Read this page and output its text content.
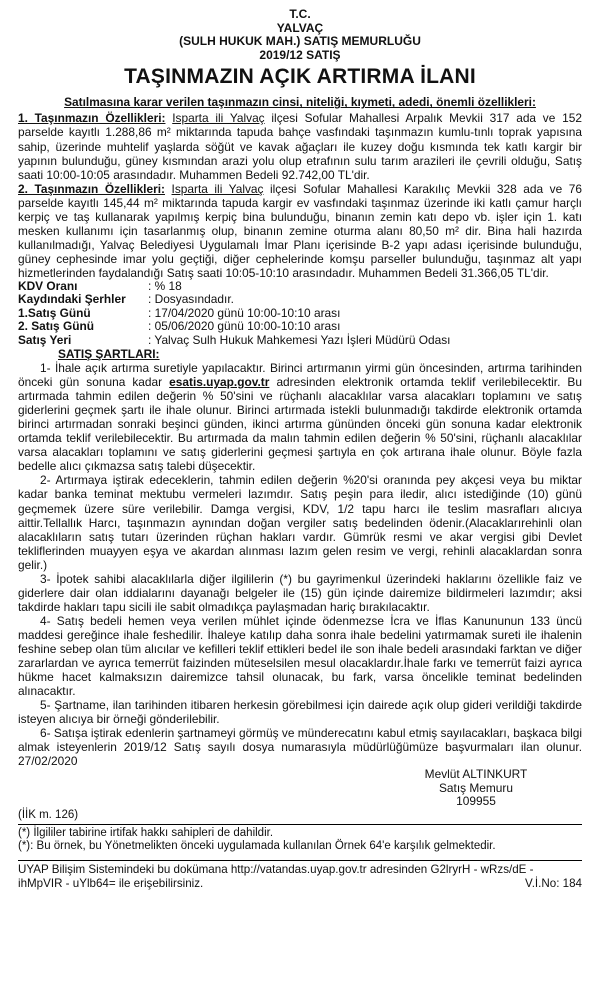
T.C.
YALVAÇ
(SULH HUKUK MAH.) SATIŞ MEMURLUĞU
2019/12 SATIŞ
TAŞINMAZIN AÇIK ARTIRMA İLANI
Satılmasına karar verilen taşınmazın cinsi, niteliği, kıymeti, adedi, önemli özellikleri:

1. Taşınmazın Özellikleri: Isparta ili Yalvaç ilçesi Sofular Mahallesi Arpalık Mevkii 317 ada ve 152 parselde kayıtlı 1.288,86 m² miktarında tapuda bahçe vasfındaki taşınmazın kumlu-tınlı toprak yapısına sahip, üzerinde muhtelif yaşlarda söğüt ve kavak ağaçları ile kuzey doğu kısmında tek katlı kargir bir yapının bulunduğu, güney kısmından arazi yolu olup etrafının sulu tarım arazileri ile çevrili olduğu, Satış saati 10:00-10:05 arasındadır. Muhammen Bedeli 92.742,00 TL'dir.

2. Taşınmazın Özellikleri: Isparta ili Yalvaç ilçesi Sofular Mahallesi Karakılıç Mevkii 328 ada ve 76 parselde kayıtlı 145,44 m² miktarında tapuda kargir ev vasfındaki taşınmaz üzerinde iki katlı çamur harçlı kerpiç ve taş kullanarak yapılmış kerpiç bina bulunduğu, binanın zemin katı depo vb. işler için 1. katı mesken kullanımı için tasarlanmış olup, binanın zemine oturma alanı 80,50 m² dir. Bina hali hazırda kullanılmadığı, Yalvaç Belediyesi Uygulamalı İmar Planı içerisinde B-2 yapı adası içerisinde bulunduğu, güney cephesinde imar yolu geçtiği, diğer cephelerinde komşu parseller bulunduğu, taşınmaz alt yapı hizmetlerinden faydalandığı Satış saati 10:05-10:10 arasındadır. Muhammen Bedeli 31.366,05 TL'dir.

KDV Oranı	: % 18
Kaydındaki Şerhler	: Dosyasındadır.
1.Satış Günü	: 17/04/2020 günü 10:00-10:10 arası
2. Satış Günü	: 05/06/2020 günü 10:00-10:10 arası
Satış Yeri	: Yalvaç Sulh Hukuk Mahkemesi Yazı İşleri Müdürü Odası
SATIŞ ŞARTLARI:

1- İhale açık artırma suretiyle yapılacaktır. Birinci artırmanın yirmi gün öncesinden, artırma tarihinden önceki gün sonuna kadar esatis.uyap.gov.tr adresinden elektronik ortamda teklif verilebilecektir. Bu artırmada tahmin edilen değerin % 50'sini ve rüçhanlı alacaklılar varsa alacakları toplamını ve satış giderlerini geçmek şartı ile ihale olunur. Birinci artırmada istekli bulunmadığı takdirde elektronik ortamda birinci artırmadan sonraki beşinci günden, ikinci artırma gününden önceki gün sonuna kadar elektronik ortamda teklif verilebilecektir. Bu artırmada da malın tahmin edilen değerin % 50'sini, rüçhanlı alacaklılar varsa alacakları toplamını ve satış giderlerini geçmesi şartıyla en çok artırana ihale olunur. Böyle fazla bedelle alıcı çıkmazsa satış talebi düşecektir.

2- Artırmaya iştirak edeceklerin, tahmin edilen değerin %20'si oranında pey akçesi veya bu miktar kadar banka teminat mektubu vermeleri lazımdır. Satış peşin para iledir, alıcı istediğinde (10) günü geçmemek üzere süre verilebilir. Damga vergisi, KDV, 1/2 tapu harcı ile teslim masrafları alıcıya aittir.Tellallık Harcı, taşınmazın aynından doğan vergiler satış bedelinden ödenir.(Alacaklarırehinli olan alacaklıların satış tutarı üzerinden rüçhan hakları vardır. Gümrük resmi ve akar vergisi gibi Devlet tekliflerinden muayyen eşya ve akardan alınması lazım gelen resim ve vergi, rehinli alacaklardan sonra gelir.)

3- İpotek sahibi alacaklılarla diğer ilgililerin (*) bu gayrimenkul üzerindeki haklarını özellikle faiz ve giderlere dair olan iddialarını dayanağı belgeler ile (15) gün içinde dairemize bildirmeleri lazımdır; aksi takdirde hakları tapu sicili ile sabit olmadıkça paylaşmadan hariç bırakılacaktır.

4- Satış bedeli hemen veya verilen mühlet içinde ödenmezse İcra ve İflas Kanununun 133 üncü maddesi gereğince ihale feshedilir. İhaleye katılıp daha sonra ihale bedelini yatırmamak sureti ile ihalenin feshine sebep olan tüm alıcılar ve kefilleri teklif ettikleri bedel ile son ihale bedeli arasındaki farktan ve diğer zararlardan ve ayrıca temerrüt faizinden müteselsilen mesul olacaklardır.İhale farkı ve temerrüt faizi ayrıca hükme hacet kalmaksızın dairemizce tahsil olunacak, bu fark, varsa öncelikle teminat bedelinden alınacaktır.

5- Şartname, ilan tarihinden itibaren herkesin görebilmesi için dairede açık olup gideri verildiği takdirde isteyen alıcıya bir örneği gönderilebilir.

6- Satışa iştirak edenlerin şartnameyi görmüş ve münderecatını kabul etmiş sayılacakları, başkaca bilgi almak isteyenlerin 2019/12 Satış sayılı dosya numarasıyla müdürlüğümüze başvurmaları ilan olunur. 27/02/2020

Mevlüt ALTINKURT
Satış Memuru
109955
(İİK m. 126)
(*) İlgililer tabirine irtifak hakkı sahipleri de dahildir.
(*): Bu örnek, bu Yönetmelikten önceki uygulamada kullanılan Örnek 64'e karşılık gelmektedir.
UYAP Bilişim Sistemindeki bu dokümana http://vatandas.uyap.gov.tr adresinden G2lryrH - wRzs/dE -
ihMpVIR - uYlb64= ile erişebilirsiniz.	V.İ.No: 184
